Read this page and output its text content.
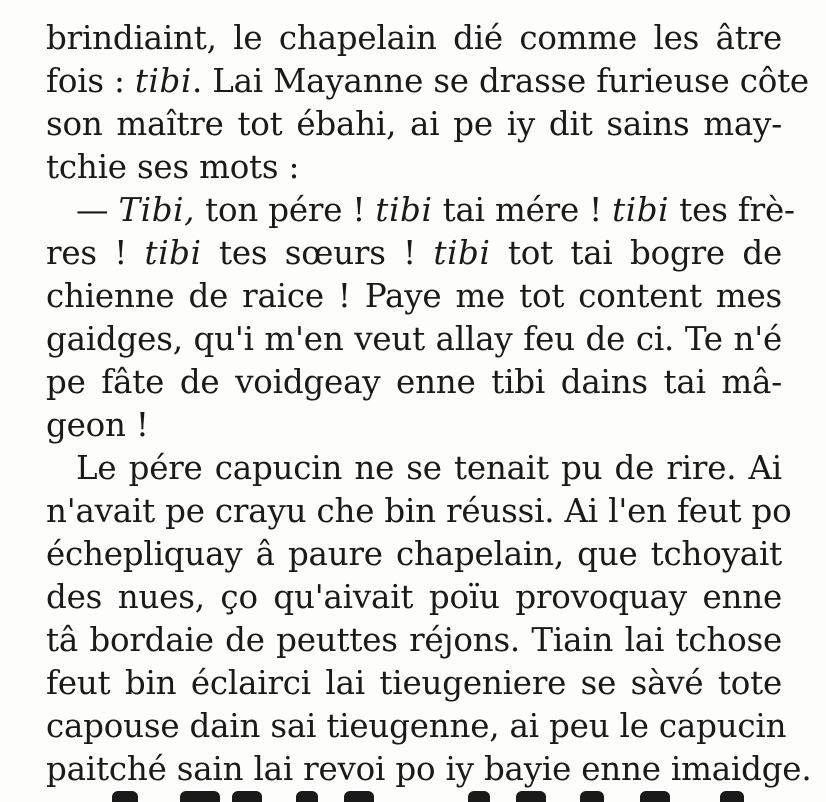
brindiaint, le chapelain dié comme les âtre
fois : tibi. Lai Mayanne se drasse furieuse côte
son maître tot ébahi, ai pe iy dit sains may-
tchie ses mots :
— Tibi, ton pére ! tibi tai mére ! tibi tes frè-
res ! tibi tes sœurs ! tibi tot tai bogre de
chienne de raice ! Paye me tot content mes
gaidges, qu'i m'en veut allay feu de ci. Te n'é
pe fâte de voidgeay enne tibi dains tai mâ-
geon !
Le pére capucin ne se tenait pu de rire. Ai
n'avait pe crayu che bin réussi. Ai l'en feut po
échepliquay â paure chapelain, que tchoyait
des nues, ço qu'aivait poïu provoquay enne
tâ bordaie de peuttes réjons. Tiain lai tchose
feut bin éclairci lai tieugeniere se sàvé tote
capouse dain sai tieugenne, ai peu le capucin
paitché sain lai revoi po iy bayie enne imaidge.
